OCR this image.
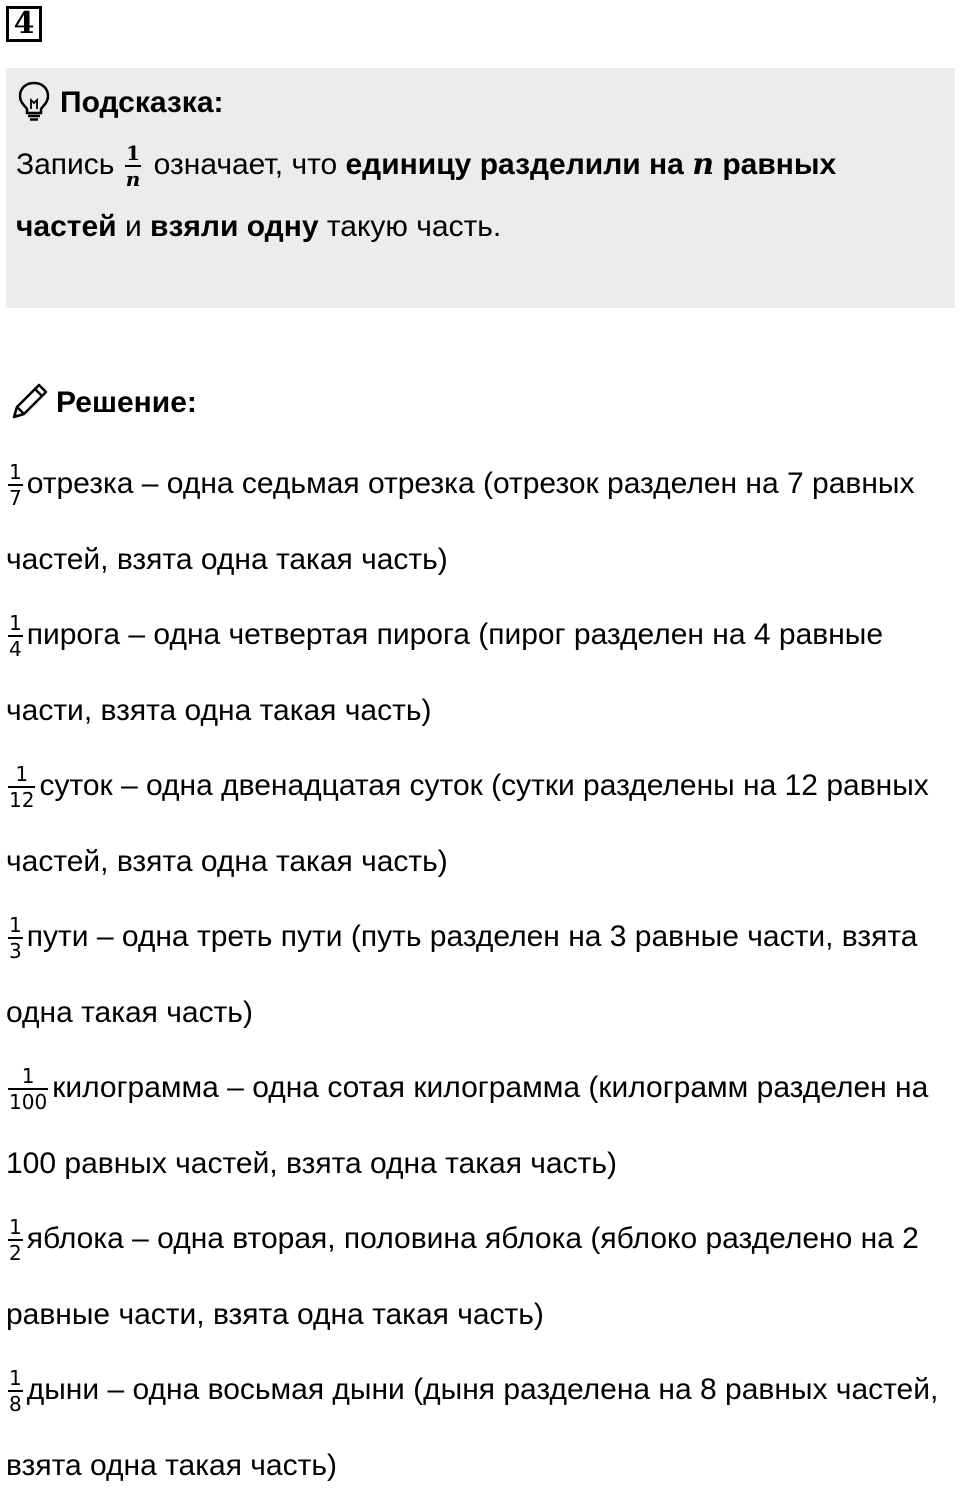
4
Подсказка:
Запись $\frac{1}{n}$ означает, что единицу разделили на n равных частей и взяли одну такую часть.
Решение:

$\frac{1}{7}$ отрезка – одна седьмая отрезка (отрезок разделен на 7 равных частей, взята одна такая часть)

$\frac{1}{4}$ пирога – одна четвертая пирога (пирог разделен на 4 равные части, взята одна такая часть)

$\frac{1}{12}$ суток – одна двенадцатая суток (сутки разделены на 12 равных частей, взята одна такая часть)

$\frac{1}{3}$ пути – одна треть пути (путь разделен на 3 равные части, взята одна такая часть)

$\frac{1}{100}$ килограмма – одна сотая килограмма (килограмм разделен на 100 равных частей, взята одна такая часть)

$\frac{1}{2}$ яблока – одна вторая, половина яблока (яблоко разделено на 2 равные части, взята одна такая часть)

$\frac{1}{8}$ дыни – одна восьмая дыни (дыня разделена на 8 равных частей, взята одна такая часть)
